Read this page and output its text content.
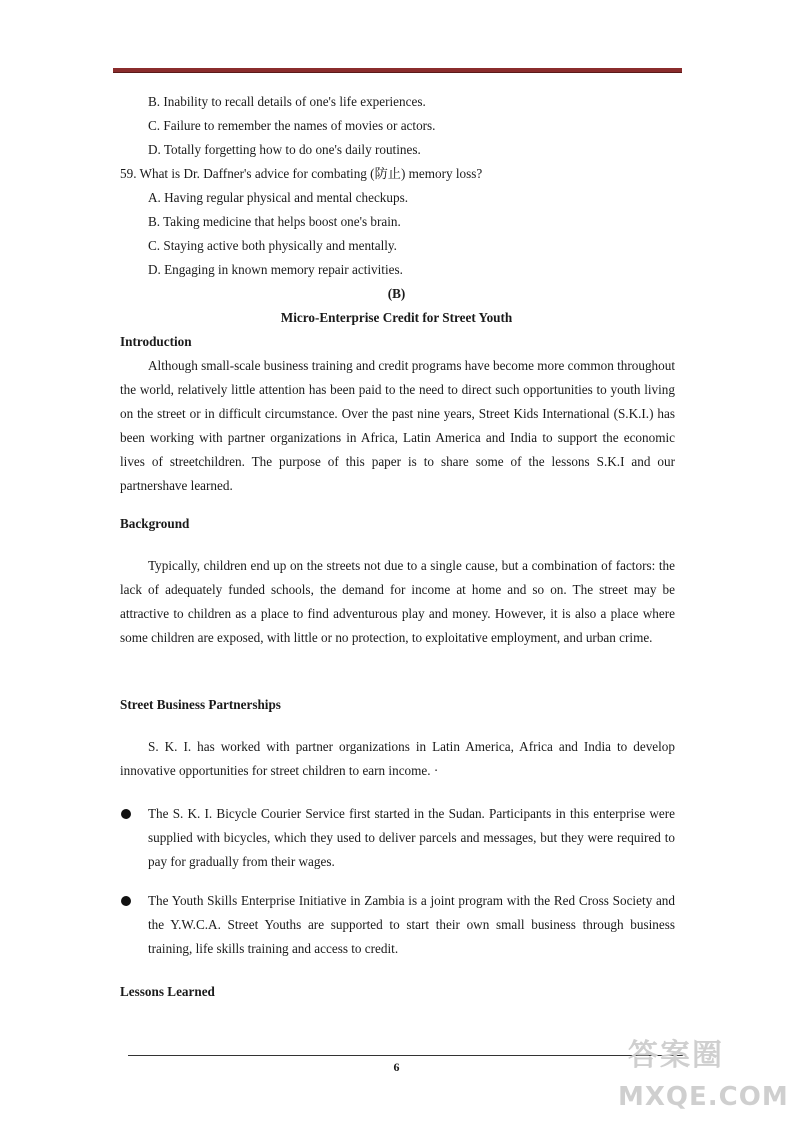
B. Inability to recall details of one's life experiences.
C. Failure to remember the names of movies or actors.
D. Totally forgetting how to do one's daily routines.
59. What is Dr. Daffner's advice for combating (防止) memory loss?
A. Having regular physical and mental checkups.
B. Taking medicine that helps boost one's brain.
C. Staying active both physically and mentally.
D. Engaging in known memory repair activities.
(B)
Micro-Enterprise Credit for Street Youth
Introduction
Although small-scale business training and credit programs have become more common throughout the world, relatively little attention has been paid to the need to direct such opportunities to youth living on the street or in difficult circumstance. Over the past nine years, Street Kids International (S.K.I.) has been working with partner organizations in Africa, Latin America and India to support the economic lives of streetchildren. The purpose of this paper is to share some of the lessons S.K.I and our partnershave learned.
Background
Typically, children end up on the streets not due to a single cause, but a combination of factors: the lack of adequately funded schools, the demand for income at home and so on. The street may be attractive to children as a place to find adventurous play and money. However, it is also a place where some children are exposed, with little or no protection, to exploitative employment, and urban crime.
Street Business Partnerships
S. K. I. has worked with partner organizations in Latin America, Africa and India to develop innovative opportunities for street children to earn income. ·
The S. K. I. Bicycle Courier Service first started in the Sudan. Participants in this enterprise were supplied with bicycles, which they used to deliver parcels and messages, but they were required to pay for gradually from their wages.
The Youth Skills Enterprise Initiative in Zambia is a joint program with the Red Cross Society and the Y.W.C.A. Street Youths are supported to start their own small business through business training, life skills training and access to credit.
Lessons Learned
6	答案圈
MXQE.COM
